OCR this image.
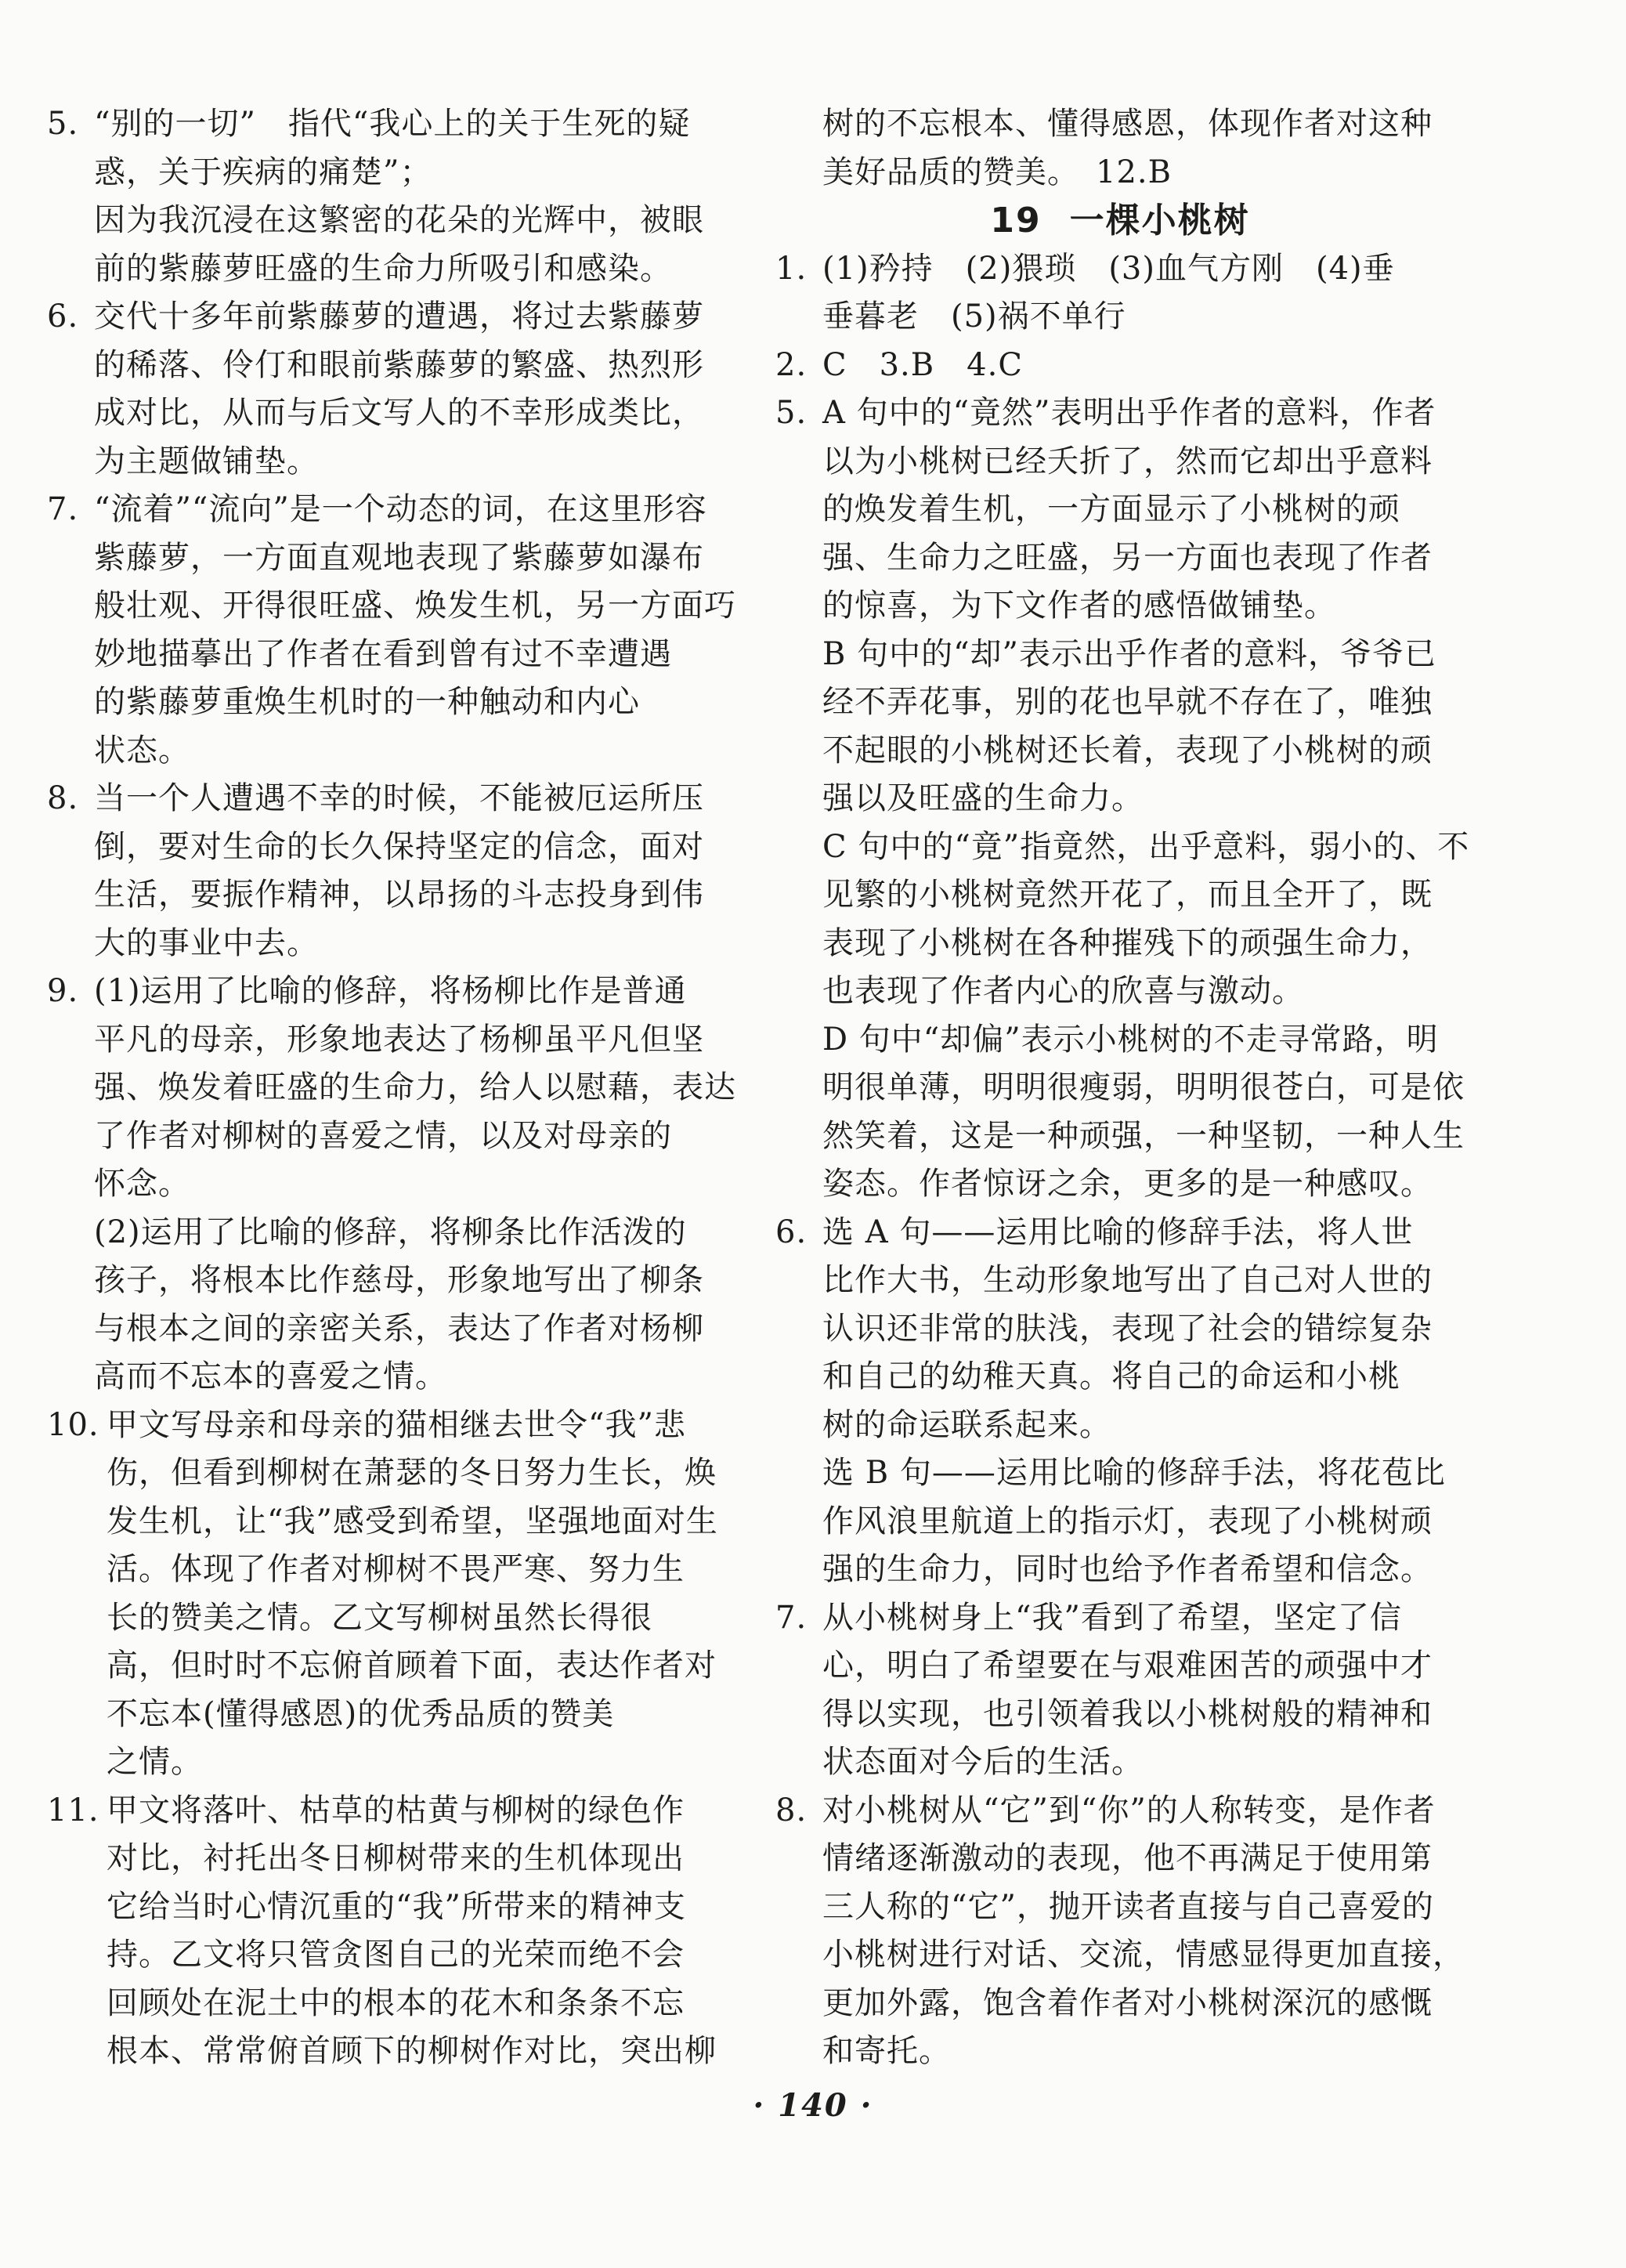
5. “别的一切”　指代“我心上的关于生死的疑
惑，关于疾病的痛楚”；
因为我沉浸在这繁密的花朵的光辉中，被眼
前的紫藤萝旺盛的生命力所吸引和感染。
6. 交代十多年前紫藤萝的遭遇，将过去紫藤萝
的稀落、伶仃和眼前紫藤萝的繁盛、热烈形
成对比，从而与后文写人的不幸形成类比，
为主题做铺垫。
7. “流着”“流向”是一个动态的词，在这里形容
紫藤萝，一方面直观地表现了紫藤萝如瀑布
般壮观、开得很旺盛、焕发生机，另一方面巧
妙地描摹出了作者在看到曾有过不幸遭遇
的紫藤萝重焕生机时的一种触动和内心
状态。
8. 当一个人遭遇不幸的时候，不能被厄运所压
倒，要对生命的长久保持坚定的信念，面对
生活，要振作精神，以昂扬的斗志投身到伟
大的事业中去。
9. (1)运用了比喻的修辞，将杨柳比作是普通
平凡的母亲，形象地表达了杨柳虽平凡但坚
强、焕发着旺盛的生命力，给人以慰藉，表达
了作者对柳树的喜爱之情，以及对母亲的
怀念。
(2)运用了比喻的修辞，将柳条比作活泼的
孩子，将根本比作慈母，形象地写出了柳条
与根本之间的亲密关系，表达了作者对杨柳
高而不忘本的喜爱之情。
10. 甲文写母亲和母亲的猫相继去世令“我”悲
伤，但看到柳树在萧瑟的冬日努力生长，焕
发生机，让“我”感受到希望，坚强地面对生
活。体现了作者对柳树不畏严寒、努力生
长的赞美之情。乙文写柳树虽然长得很
高，但时时不忘俯首顾着下面，表达作者对
不忘本(懂得感恩)的优秀品质的赞美
之情。
11. 甲文将落叶、枯草的枯黄与柳树的绿色作
对比，衬托出冬日柳树带来的生机体现出
它给当时心情沉重的“我”所带来的精神支
持。乙文将只管贪图自己的光荣而绝不会
回顾处在泥土中的根本的花木和条条不忘
根本、常常俯首顾下的柳树作对比，突出柳
树的不忘根本、懂得感恩，体现作者对这种
美好品质的赞美。　12.B
19 一棵小桃树
1. (1)矜持　(2)猥琐　(3)血气方刚　(4)垂
垂暮老　(5)祸不单行
2. C　3.B　4.C
5. A 句中的“竟然”表明出乎作者的意料，作者
以为小桃树已经夭折了，然而它却出乎意料
的焕发着生机，一方面显示了小桃树的顽
强、生命力之旺盛，另一方面也表现了作者
的惊喜，为下文作者的感悟做铺垫。
B 句中的“却”表示出乎作者的意料，爷爷已
经不弄花事，别的花也早就不存在了，唯独
不起眼的小桃树还长着，表现了小桃树的顽
强以及旺盛的生命力。
C 句中的“竟”指竟然，出乎意料，弱小的、不
见繁的小桃树竟然开花了，而且全开了，既
表现了小桃树在各种摧残下的顽强生命力，
也表现了作者内心的欣喜与激动。
D 句中“却偏”表示小桃树的不走寻常路，明
明很单薄，明明很瘦弱，明明很苍白，可是依
然笑着，这是一种顽强，一种坚韧，一种人生
姿态。作者惊讶之余，更多的是一种感叹。
6. 选 A 句——运用比喻的修辞手法，将人世
比作大书，生动形象地写出了自己对人世的
认识还非常的肤浅，表现了社会的错综复杂
和自己的幼稚天真。将自己的命运和小桃
树的命运联系起来。
选 B 句——运用比喻的修辞手法，将花苞比
作风浪里航道上的指示灯，表现了小桃树顽
强的生命力，同时也给予作者希望和信念。
7. 从小桃树身上“我”看到了希望，坚定了信
心，明白了希望要在与艰难困苦的顽强中才
得以实现，也引领着我以小桃树般的精神和
状态面对今后的生活。
8. 对小桃树从“它”到“你”的人称转变，是作者
情绪逐渐激动的表现，他不再满足于使用第
三人称的“它”，抛开读者直接与自己喜爱的
小桃树进行对话、交流，情感显得更加直接，
更加外露，饱含着作者对小桃树深沉的感慨
和寄托。
· 140 ·
